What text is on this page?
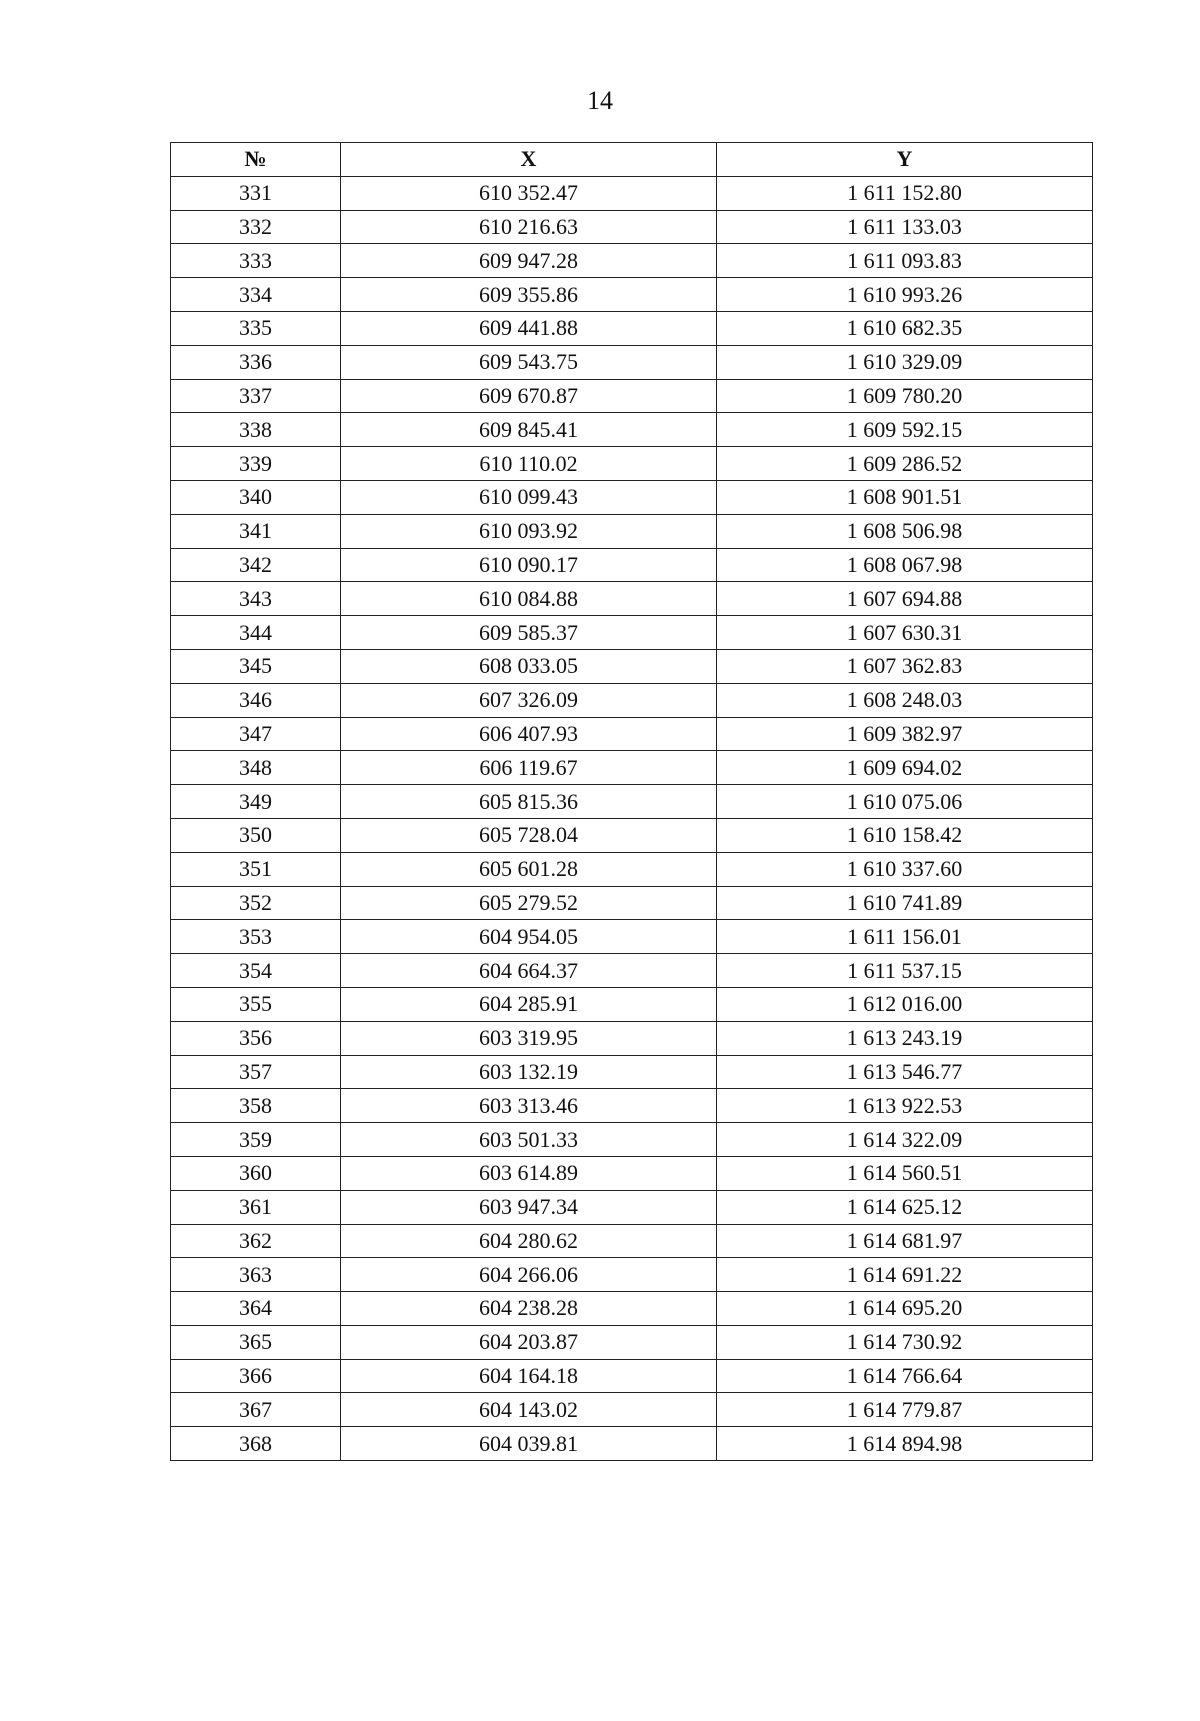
14
№	X	Y
331	610 352.47	1 611 152.80
332	610 216.63	1 611 133.03
333	609 947.28	1 611 093.83
334	609 355.86	1 610 993.26
335	609 441.88	1 610 682.35
336	609 543.75	1 610 329.09
337	609 670.87	1 609 780.20
338	609 845.41	1 609 592.15
339	610 110.02	1 609 286.52
340	610 099.43	1 608 901.51
341	610 093.92	1 608 506.98
342	610 090.17	1 608 067.98
343	610 084.88	1 607 694.88
344	609 585.37	1 607 630.31
345	608 033.05	1 607 362.83
346	607 326.09	1 608 248.03
347	606 407.93	1 609 382.97
348	606 119.67	1 609 694.02
349	605 815.36	1 610 075.06
350	605 728.04	1 610 158.42
351	605 601.28	1 610 337.60
352	605 279.52	1 610 741.89
353	604 954.05	1 611 156.01
354	604 664.37	1 611 537.15
355	604 285.91	1 612 016.00
356	603 319.95	1 613 243.19
357	603 132.19	1 613 546.77
358	603 313.46	1 613 922.53
359	603 501.33	1 614 322.09
360	603 614.89	1 614 560.51
361	603 947.34	1 614 625.12
362	604 280.62	1 614 681.97
363	604 266.06	1 614 691.22
364	604 238.28	1 614 695.20
365	604 203.87	1 614 730.92
366	604 164.18	1 614 766.64
367	604 143.02	1 614 779.87
368	604 039.81	1 614 894.98
